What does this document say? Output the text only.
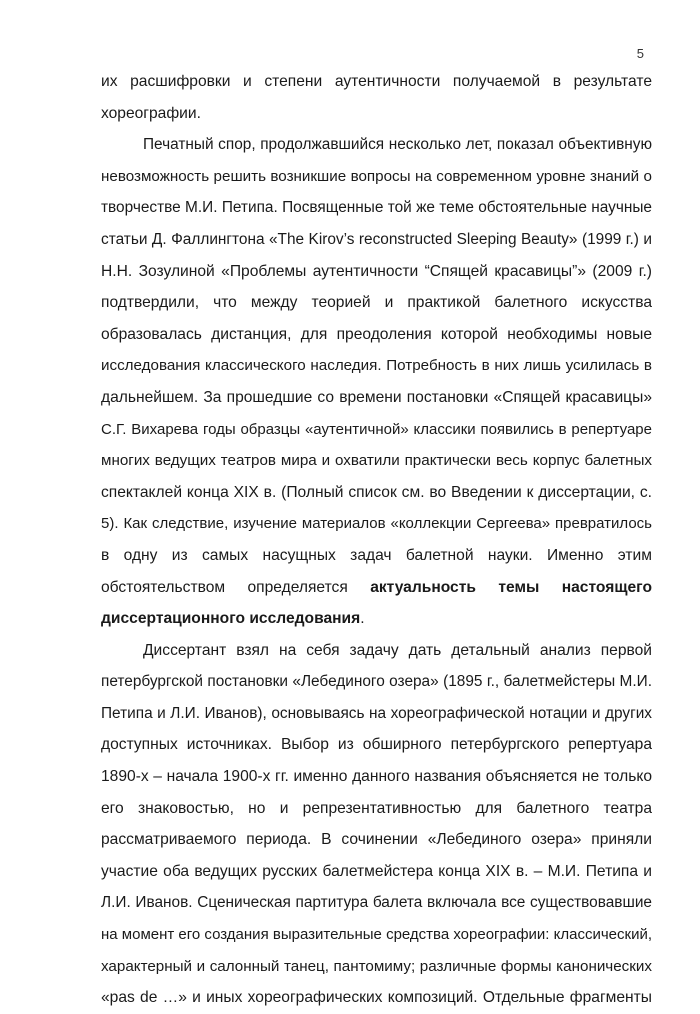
5
их расшифровки и степени аутентичности получаемой в результате
хореографии.
Печатный спор, продолжавшийся несколько лет, показал объективную
невозможность решить возникшие вопросы на современном уровне знаний о
творчестве М.И. Петипа. Посвященные той же теме обстоятельные научные
статьи Д. Фаллингтона «The Kirov’s reconstructed Sleeping Beauty» (1999 г.) и
Н.Н. Зозулиной «Проблемы аутентичности “Спящей красавицы”» (2009 г.)
подтвердили, что между теорией и практикой балетного искусства
образовалась дистанция, для преодоления которой необходимы новые
исследования классического наследия. Потребность в них лишь усилилась в
дальнейшем. За прошедшие со времени постановки «Спящей красавицы»
С.Г. Вихарева годы образцы «аутентичной» классики появились в репертуаре
многих ведущих театров мира и охватили практически весь корпус балетных
спектаклей конца XIX в. (Полный список см. во Введении к диссертации, с.
5). Как следствие, изучение материалов «коллекции Сергеева» превратилось
в одну из самых насущных задач балетной науки. Именно этим
обстоятельством определяется актуальность темы настоящего
диссертационного исследования.
Диссертант взял на себя задачу дать детальный анализ первой
петербургской постановки «Лебединого озера» (1895 г., балетмейстеры М.И.
Петипа и Л.И. Иванов), основываясь на хореографической нотации и других
доступных источниках. Выбор из обширного петербургского репертуара
1890-х – начала 1900-х гг. именно данного названия объясняется не только
его знаковостью, но и репрезентативностью для балетного театра
рассматриваемого периода. В сочинении «Лебединого озера» приняли
участие оба ведущих русских балетмейстера конца XIX в. – М.И. Петипа и
Л.И. Иванов. Сценическая партитура балета включала все существовавшие
на момент его создания выразительные средства хореографии: классический,
характерный и салонный танец, пантомиму; различные формы канонических
«pas de …» и иных хореографических композиций. Отдельные фрагменты
